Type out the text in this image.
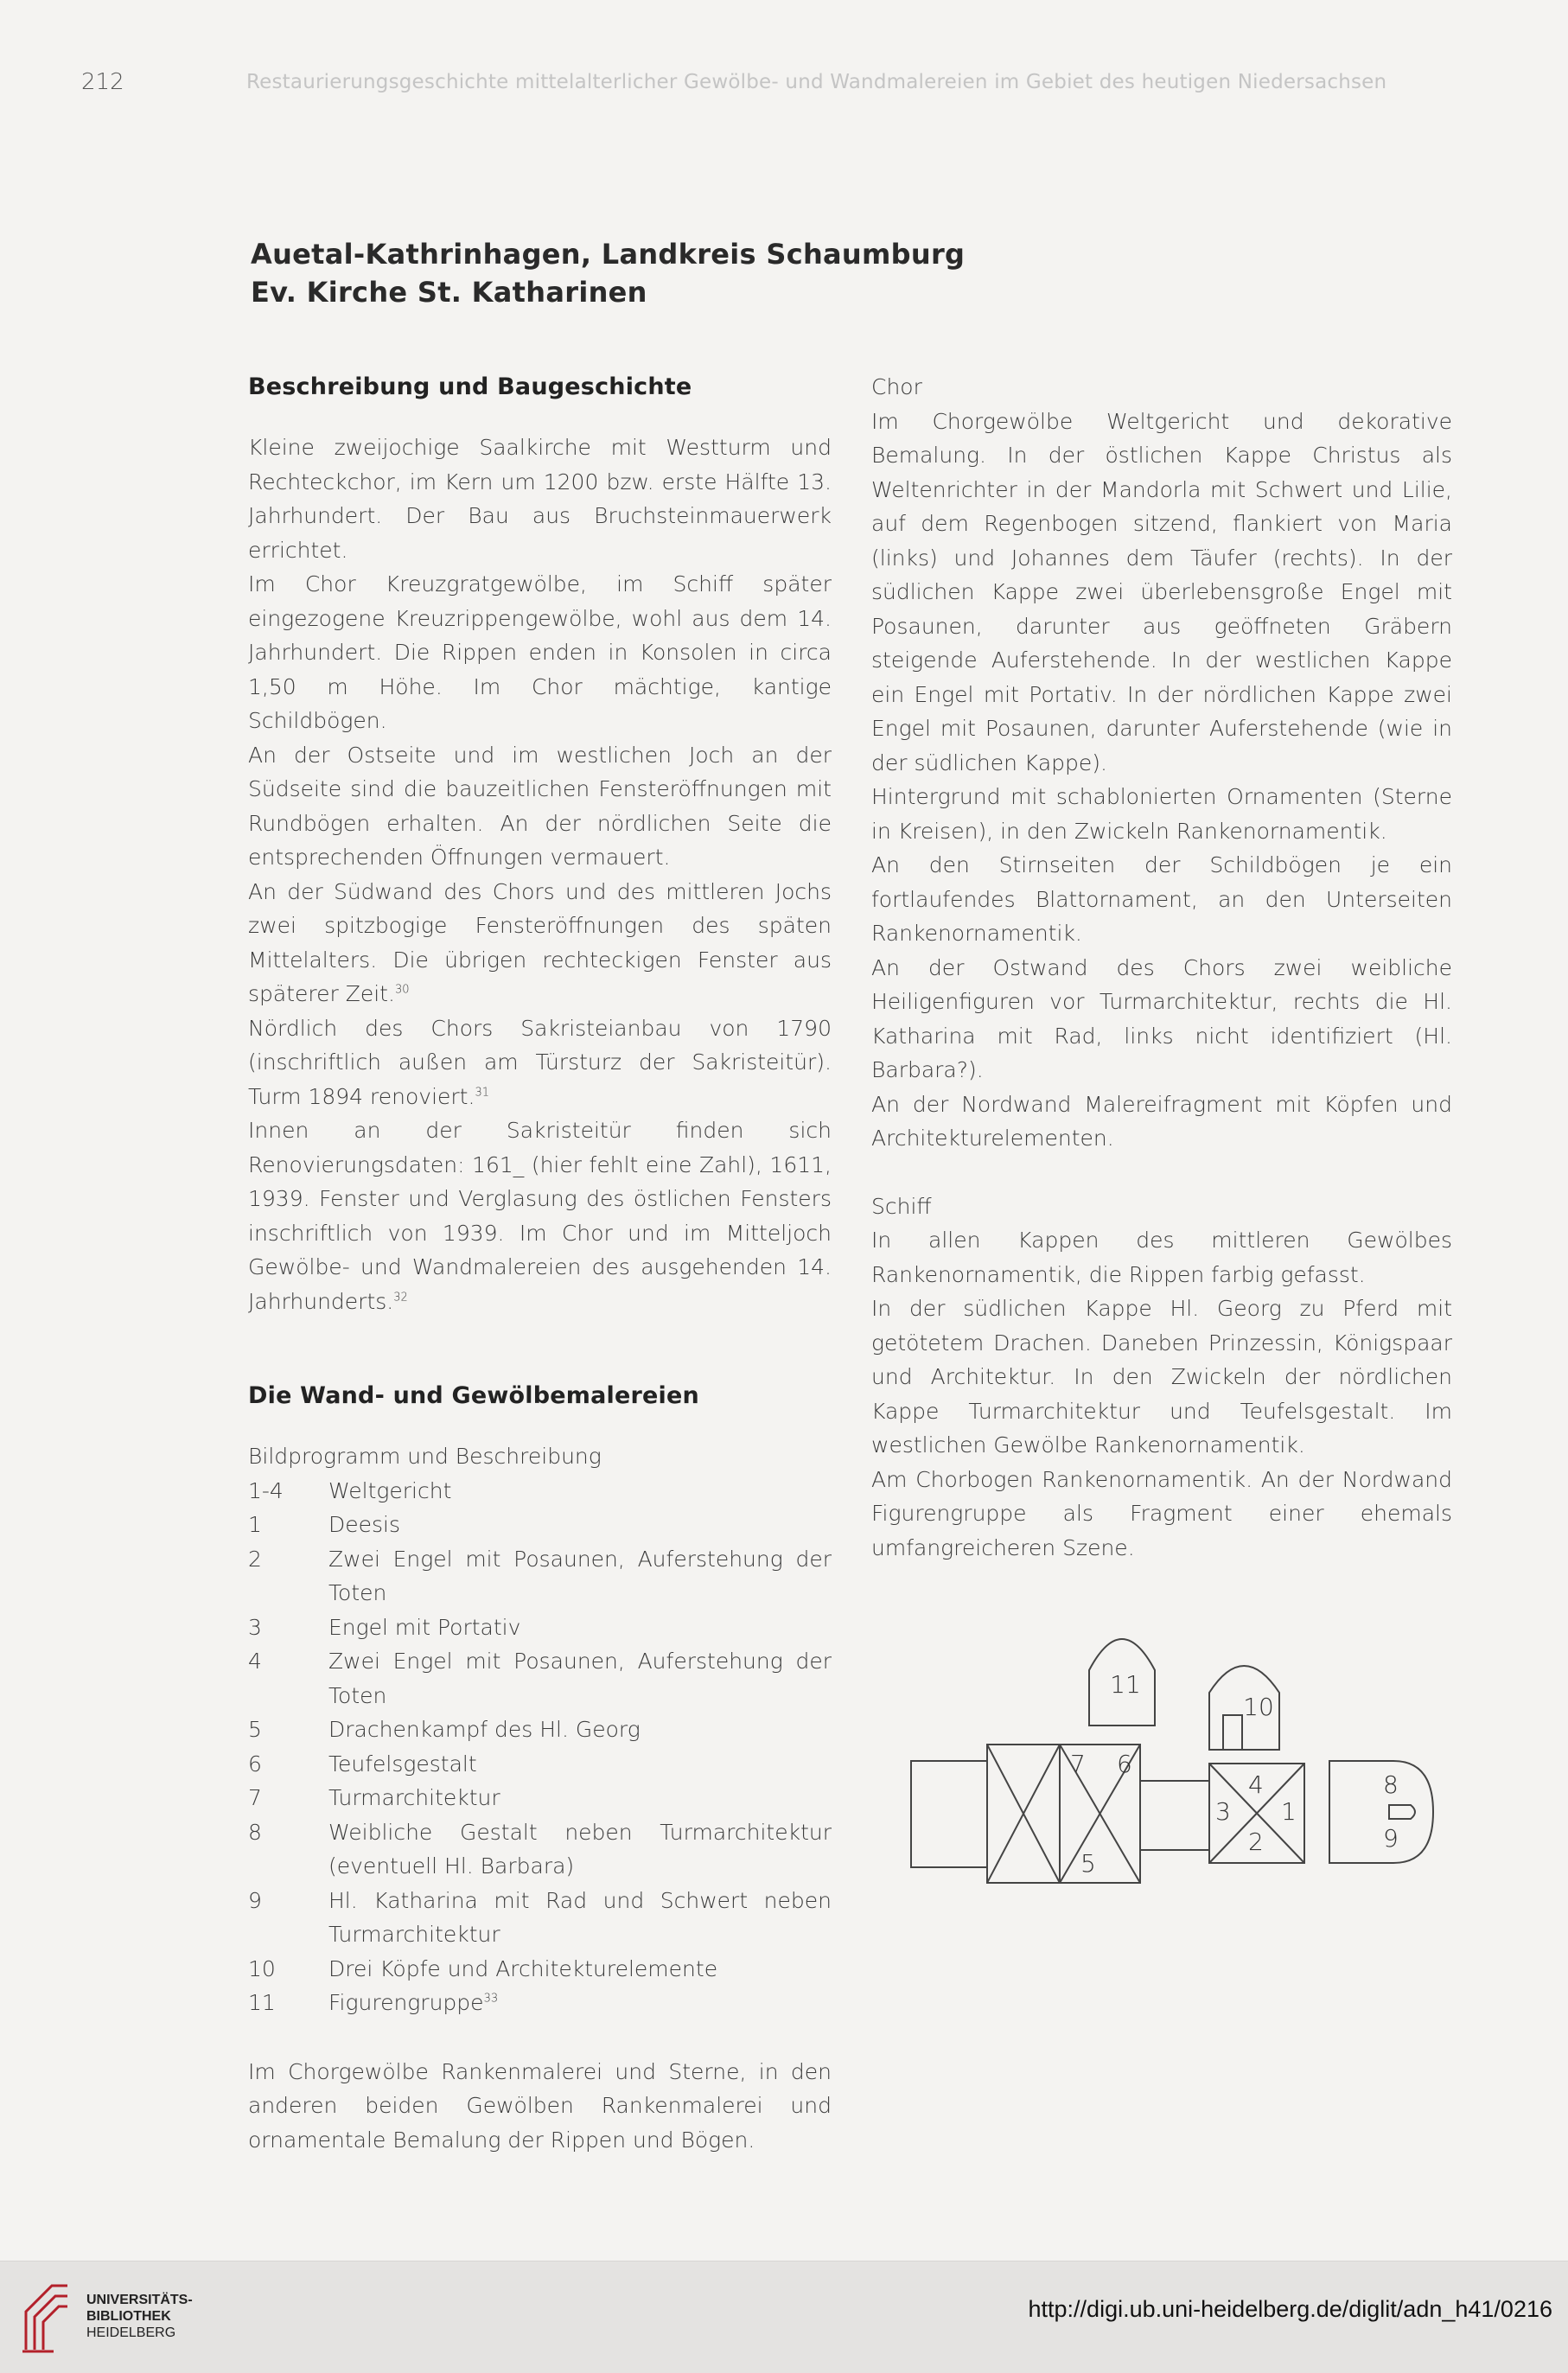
212	Restaurierungsgeschichte mittelalterlicher Gewölbe- und Wandmalereien im Gebiet des heutigen Niedersachsen
Auetal-Kathrinhagen, Landkreis Schaumburg
Ev. Kirche St. Katharinen
Beschreibung und Baugeschichte

Kleine zweijochige Saalkirche mit Westturm und Rechteckchor, im Kern um 1200 bzw. erste Hälfte 13. Jahrhundert. Der Bau aus Bruchsteinmauerwerk errichtet.

Im Chor Kreuzgratgewölbe, im Schiff später eingezogene Kreuzrippengewölbe, wohl aus dem 14. Jahrhundert. Die Rippen enden in Konsolen in circa 1,50 m Höhe. Im Chor mächtige, kantige Schildbögen.

An der Ostseite und im westlichen Joch an der Südseite sind die bauzeitlichen Fensteröffnungen mit Rundbögen erhalten. An der nördlichen Seite die entsprechenden Öffnungen vermauert.

An der Südwand des Chors und des mittleren Jochs zwei spitzbogige Fensteröffnungen des späten Mittelalters. Die übrigen rechteckigen Fenster aus späterer Zeit.$^{30}$

Nördlich des Chors Sakristeianbau von 1790 (inschriftlich außen am Türsturz der Sakristeitür). Turm 1894 renoviert.$^{31}$

Innen an der Sakristeitür finden sich Renovierungsdaten: 161_ (hier fehlt eine Zahl), 1611, 1939. Fenster und Verglasung des östlichen Fensters inschriftlich von 1939. Im Chor und im Mitteljoch Gewölbe- und Wandmalereien des ausgehenden 14. Jahrhunderts.$^{32}$

Die Wand- und Gewölbemalereien
Bildprogramm und Beschreibung
1-4	Weltgericht
1	Deesis
2	Zwei Engel mit Posaunen, Auferstehung der Toten
3	Engel mit Portativ
4	Zwei Engel mit Posaunen, Auferstehung der Toten
5	Drachenkampf des Hl. Georg
6	Teufelsgestalt
7	Turmarchitektur
8	Weibliche Gestalt neben Turmarchitektur (eventuell Hl. Barbara)
9	Hl. Katharina mit Rad und Schwert neben Turmarchitektur
10	Drei Köpfe und Architekturelemente
11	Figurengruppe$^{33}$

Im Chorgewölbe Rankenmalerei und Sterne, in den anderen beiden Gewölben Rankenmalerei und ornamentale Bemalung der Rippen und Bögen.

Chor

Im Chorgewölbe Weltgericht und dekorative Bemalung. In der östlichen Kappe Christus als Weltenrichter in der Mandorla mit Schwert und Lilie, auf dem Regenbogen sitzend, flankiert von Maria (links) und Johannes dem Täufer (rechts). In der südlichen Kappe zwei überlebensgroße Engel mit Posaunen, darunter aus geöffneten Gräbern steigende Auferstehende. In der westlichen Kappe ein Engel mit Portativ. In der nördlichen Kappe zwei Engel mit Posaunen, darunter Auferstehende (wie in der südlichen Kappe).

Hintergrund mit schablonierten Ornamenten (Sterne in Kreisen), in den Zwickeln Rankenornamentik.

An den Stirnseiten der Schildbögen je ein fortlaufendes Blattornament, an den Unterseiten Rankenornamentik.

An der Ostwand des Chors zwei weibliche Heiligenfiguren vor Turmarchitektur, rechts die Hl. Katharina mit Rad, links nicht identifiziert (Hl. Barbara?).

An der Nordwand Malereifragment mit Köpfen und Architekturelementen.

Schiff

In allen Kappen des mittleren Gewölbes Rankenornamentik, die Rippen farbig gefasst.

In der südlichen Kappe Hl. Georg zu Pferd mit getötetem Drachen. Daneben Prinzessin, Königspaar und Architektur. In den Zwickeln der nördlichen Kappe Turmarchitektur und Teufelsgestalt. Im westlichen Gewölbe Rankenornamentik.

Am Chorbogen Rankenornamentik. An der Nordwand Figurengruppe als Fragment einer ehemals umfangreicheren Szene.

11
10
7 6
5
4
3 1
2
8
9
UNIVERSITÄTS-
BIBLIOTHEK
HEIDELBERG
http://digi.ub.uni-heidelberg.de/diglit/adn_h41/0216
